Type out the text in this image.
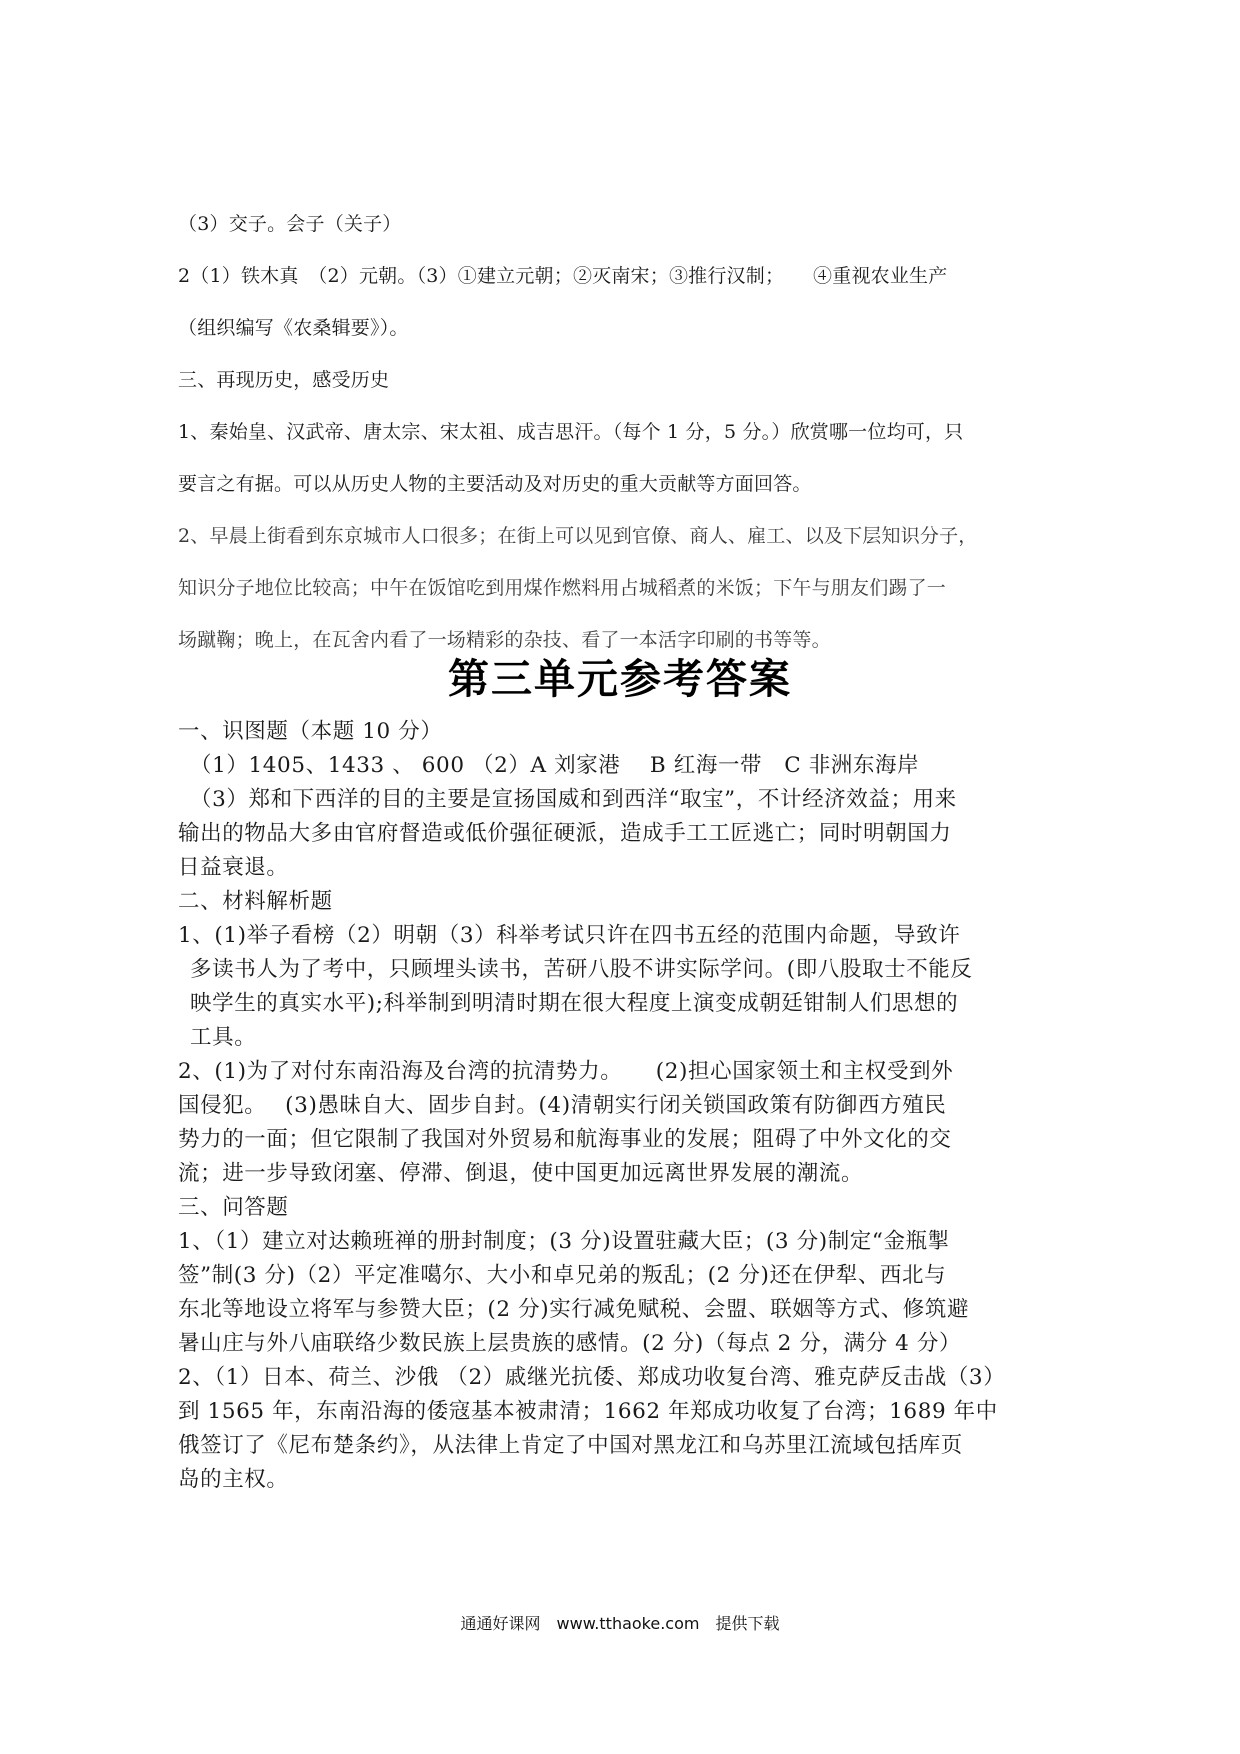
（3）交子。会子（关子）
2（1）铁木真　（2）元朝。（3）①建立元朝；②灭南宋；③推行汉制；　　④重视农业生产
（组织编写《农桑辑要》）。
三、再现历史，感受历史
1、秦始皇、汉武帝、唐太宗、宋太祖、成吉思汗。（每个 1 分，5 分。）欣赏哪一位均可，只
要言之有据。可以从历史人物的主要活动及对历史的重大贡献等方面回答。
2、早晨上街看到东京城市人口很多；在街上可以见到官僚、商人、雇工、以及下层知识分子，
知识分子地位比较高；中午在饭馆吃到用煤作燃料用占城稻煮的米饭；下午与朋友们踢了一
场蹴鞠；晚上，在瓦舍内看了一场精彩的杂技、看了一本活字印刷的书等等。
第三单元参考答案
一、识图题（本题 10 分）
（1）1405、1433 、 600 （2）A 刘家港　 B 红海一带　C 非洲东海岸
（3）郑和下西洋的目的主要是宣扬国威和到西洋“取宝”，不计经济效益；用来
输出的物品大多由官府督造或低价强征硬派，造成手工工匠逃亡；同时明朝国力
日益衰退。
二、材料解析题
1、(1)举子看榜（2）明朝（3）科举考试只许在四书五经的范围内命题，导致许
多读书人为了考中，只顾埋头读书，苦研八股不讲实际学问。(即八股取士不能反
映学生的真实水平);科举制到明清时期在很大程度上演变成朝廷钳制人们思想的
工具。
2、(1)为了对付东南沿海及台湾的抗清势力。　　(2)担心国家领土和主权受到外
国侵犯。　 (3)愚昧自大、固步自封。(4)清朝实行闭关锁国政策有防御西方殖民
势力的一面；但它限制了我国对外贸易和航海事业的发展；阻碍了中外文化的交
流；进一步导致闭塞、停滞、倒退，使中国更加远离世界发展的潮流。
三、问答题
1、（1）建立对达赖班禅的册封制度；(3 分)设置驻藏大臣；(3 分)制定“金瓶掣
签”制(3 分)（2）平定准噶尔、大小和卓兄弟的叛乱；(2 分)还在伊犁、西北与
东北等地设立将军与参赞大臣；(2 分)实行减免赋税、会盟、联姻等方式、修筑避
暑山庄与外八庙联络少数民族上层贵族的感情。(2 分)（每点 2 分，满分 4 分）
2、（1）日本、荷兰、沙俄 （2）戚继光抗倭、郑成功收复台湾、雅克萨反击战（3）
到 1565 年，东南沿海的倭寇基本被肃清；1662 年郑成功收复了台湾；1689 年中
俄签订了《尼布楚条约》，从法律上肯定了中国对黑龙江和乌苏里江流域包括库页
岛的主权。
通通好课网　www.tthaoke.com　提供下载
